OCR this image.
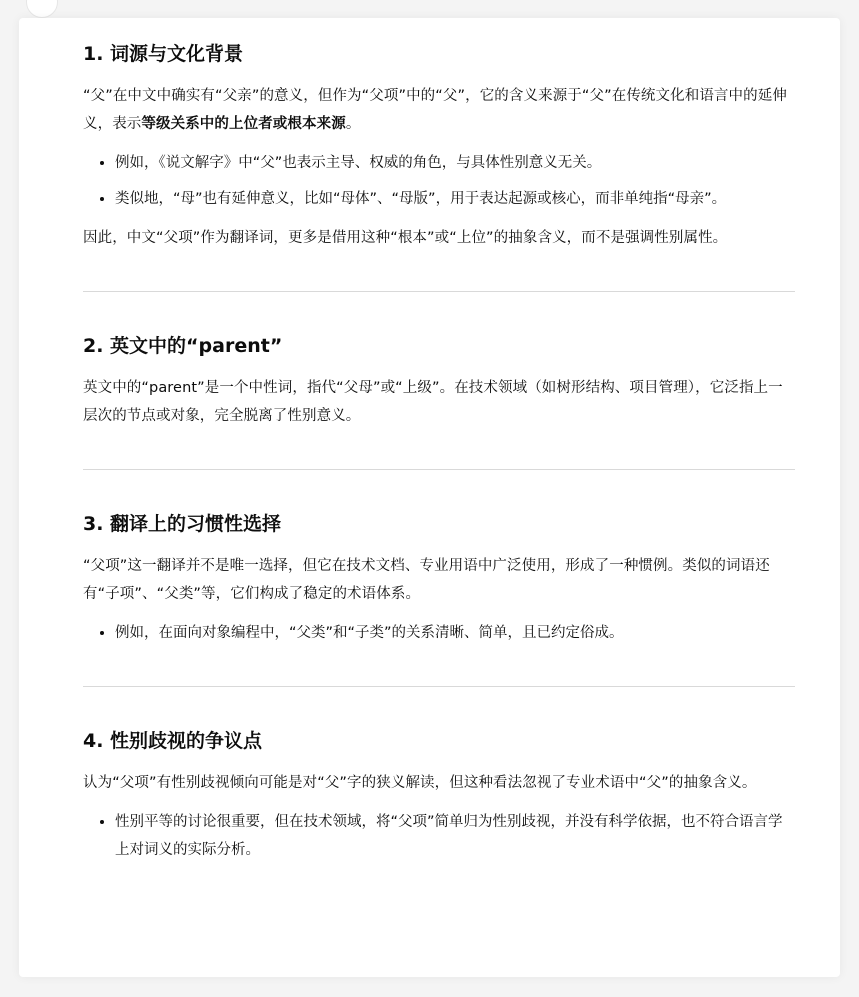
1. 词源与文化背景

“父”在中文中确实有“父亲”的意义，但作为“父项”中的“父”，它的含义来源于“父”在传统文化和语言中的延伸义，表示等级关系中的上位者或根本来源。

• 例如，《说文解字》中“父”也表示主导、权威的角色，与具体性别意义无关。
• 类似地，“母”也有延伸意义，比如“母体”、“母版”，用于表达起源或核心，而非单纯指“母亲”。

因此，中文“父项”作为翻译词，更多是借用这种“根本”或“上位”的抽象含义，而不是强调性别属性。

2. 英文中的“parent”

英文中的“parent”是一个中性词，指代“父母”或“上级”。在技术领域（如树形结构、项目管理），它泛指上一层次的节点或对象，完全脱离了性别意义。

3. 翻译上的习惯性选择

“父项”这一翻译并不是唯一选择，但它在技术文档、专业用语中广泛使用，形成了一种惯例。类似的词语还有“子项”、“父类”等，它们构成了稳定的术语体系。

• 例如，在面向对象编程中，“父类”和“子类”的关系清晰、简单，且已约定俗成。
4. 性别歧视的争议点

认为“父项”有性别歧视倾向可能是对“父”字的狭义解读，但这种看法忽视了专业术语中“父”的抽象含义。

• 性别平等的讨论很重要，但在技术领域，将“父项”简单归为性别歧视，并没有科学依据，也不符合语言学上对词义的实际分析。
